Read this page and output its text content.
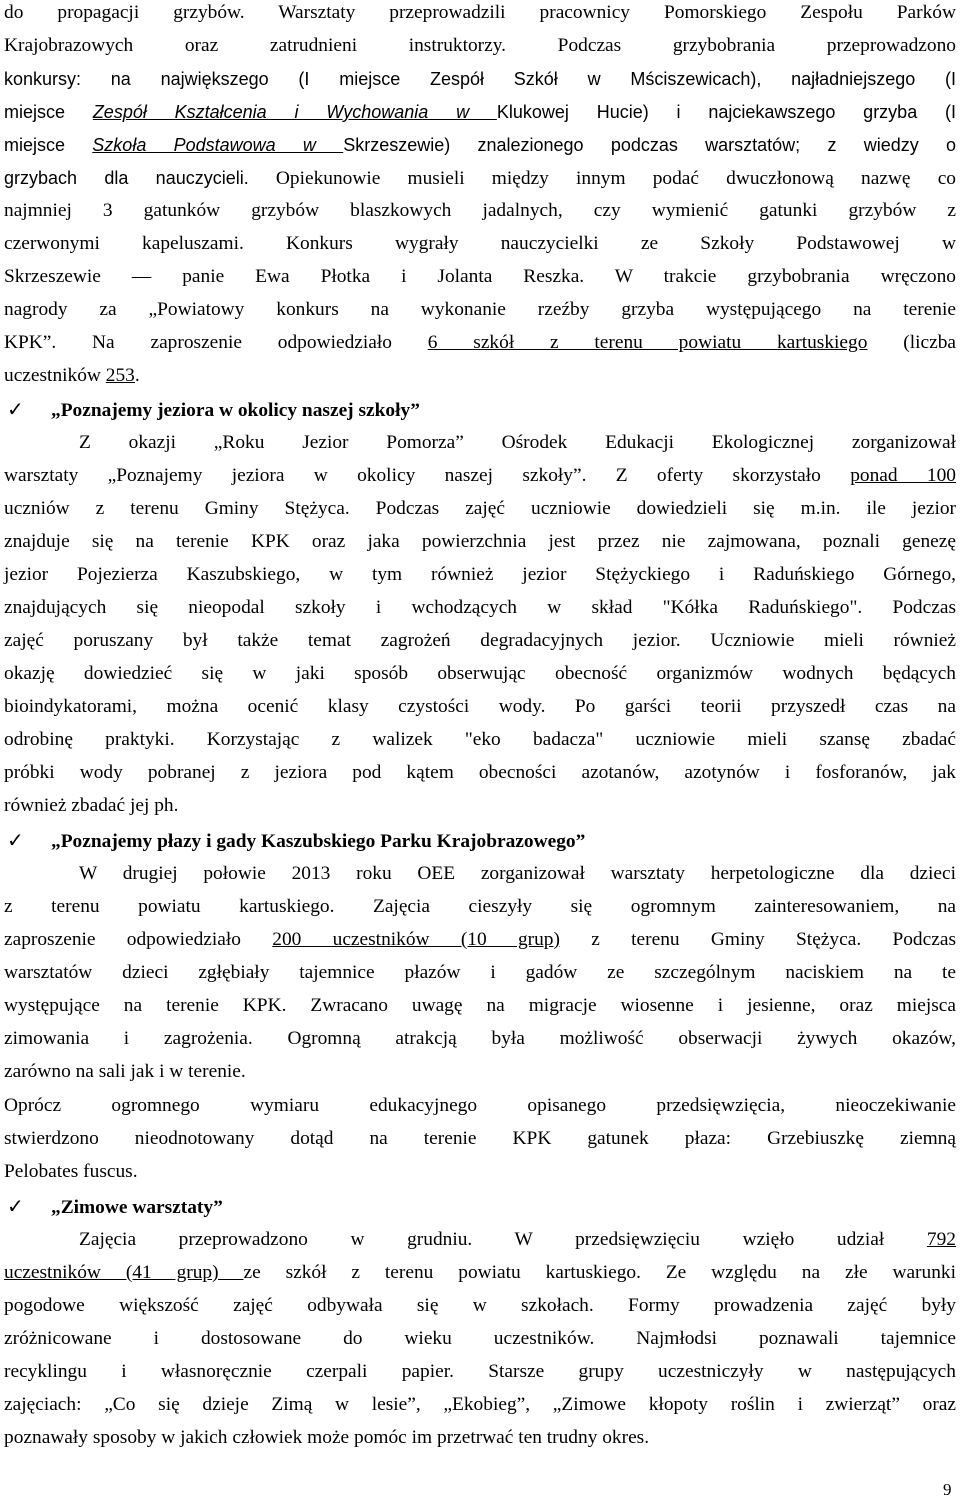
do propagacji grzybów. Warsztaty przeprowadzili pracownicy Pomorskiego Zespołu Parków
Krajobrazowych oraz zatrudnieni instruktorzy. Podczas grzybobrania przeprowadzono
konkursy: na największego (I miejsce Zespół Szkół w Mściszewicach), najładniejszego (I
miejsce Zespół Kształcenia i Wychowania w Klukowej Hucie) i najciekawszego grzyba (I
miejsce Szkoła Podstawowa w Skrzeszewie) znalezionego podczas warsztatów; z wiedzy o
grzybach dla nauczycieli. Opiekunowie musieli między innym podać dwuczłonową nazwę co
najmniej 3 gatunków grzybów blaszkowych jadalnych, czy wymienić gatunki grzybów z
czerwonymi kapeluszami. Konkurs wygrały nauczycielki ze Szkoły Podstawowej w
Skrzeszewie — panie Ewa Płotka i Jolanta Reszka. W trakcie grzybobrania wręczono
nagrody za „Powiatowy konkurs na wykonanie rzeźby grzyba występującego na terenie
KPK”. Na zaproszenie odpowiedziało 6 szkół z terenu powiatu kartuskiego (liczba
uczestników 253.
✓ „Poznajemy jeziora w okolicy naszej szkoły”
Z okazji „Roku Jezior Pomorza” Ośrodek Edukacji Ekologicznej zorganizował
warsztaty „Poznajemy jeziora w okolicy naszej szkoły”. Z oferty skorzystało ponad 100
uczniów z terenu Gminy Stężyca. Podczas zajęć uczniowie dowiedzieli się m.in. ile jezior
znajduje się na terenie KPK oraz jaka powierzchnia jest przez nie zajmowana, poznali genezę
jezior Pojezierza Kaszubskiego, w tym również jezior Stężyckiego i Raduńskiego Górnego,
znajdujących się nieopodal szkoły i wchodzących w skład "Kółka Raduńskiego". Podczas
zajęć poruszany był także temat zagrożeń degradacyjnych jezior. Uczniowie mieli również
okazję dowiedzieć się w jaki sposób obserwując obecność organizmów wodnych będących
bioindykatorami, można ocenić klasy czystości wody. Po garści teorii przyszedł czas na
odrobinę praktyki. Korzystając z walizek "eko badacza" uczniowie mieli szansę zbadać
próbki wody pobranej z jeziora pod kątem obecności azotanów, azotynów i fosforanów, jak
również zbadać jej ph.
✓ „Poznajemy płazy i gady Kaszubskiego Parku Krajobrazowego”
W drugiej połowie 2013 roku OEE zorganizował warsztaty herpetologiczne dla dzieci
z terenu powiatu kartuskiego. Zajęcia cieszyły się ogromnym zainteresowaniem, na
zaproszenie odpowiedziało 200 uczestników (10 grup) z terenu Gminy Stężyca. Podczas
warsztatów dzieci zgłębiały tajemnice płazów i gadów ze szczególnym naciskiem na te
występujące na terenie KPK. Zwracano uwagę na migracje wiosenne i jesienne, oraz miejsca
zimowania i zagrożenia. Ogromną atrakcją była możliwość obserwacji żywych okazów,
zarówno na sali jak i w terenie.
Oprócz ogromnego wymiaru edukacyjnego opisanego przedsięwzięcia, nieoczekiwanie
stwierdzono nieodnotowany dotąd na terenie KPK gatunek płaza: Grzebiuszkę ziemną
Pelobates fuscus.
✓ „Zimowe warsztaty”
Zajęcia przeprowadzono w grudniu. W przedsięwzięciu wzięło udział 792
uczestników (41 grup) ze szkół z terenu powiatu kartuskiego. Ze względu na złe warunki
pogodowe większość zajęć odbywała się w szkołach. Formy prowadzenia zajęć były
zróżnicowane i dostosowane do wieku uczestników. Najmłodsi poznawali tajemnice
recyklingu i własnoręcznie czerpali papier. Starsze grupy uczestniczyły w następujących
zajęciach: „Co się dzieje Zimą w lesie”, „Ekobieg”, „Zimowe kłopoty roślin i zwierząt” oraz
poznawały sposoby w jakich człowiek może pomóc im przetrwać ten trudny okres.
9
